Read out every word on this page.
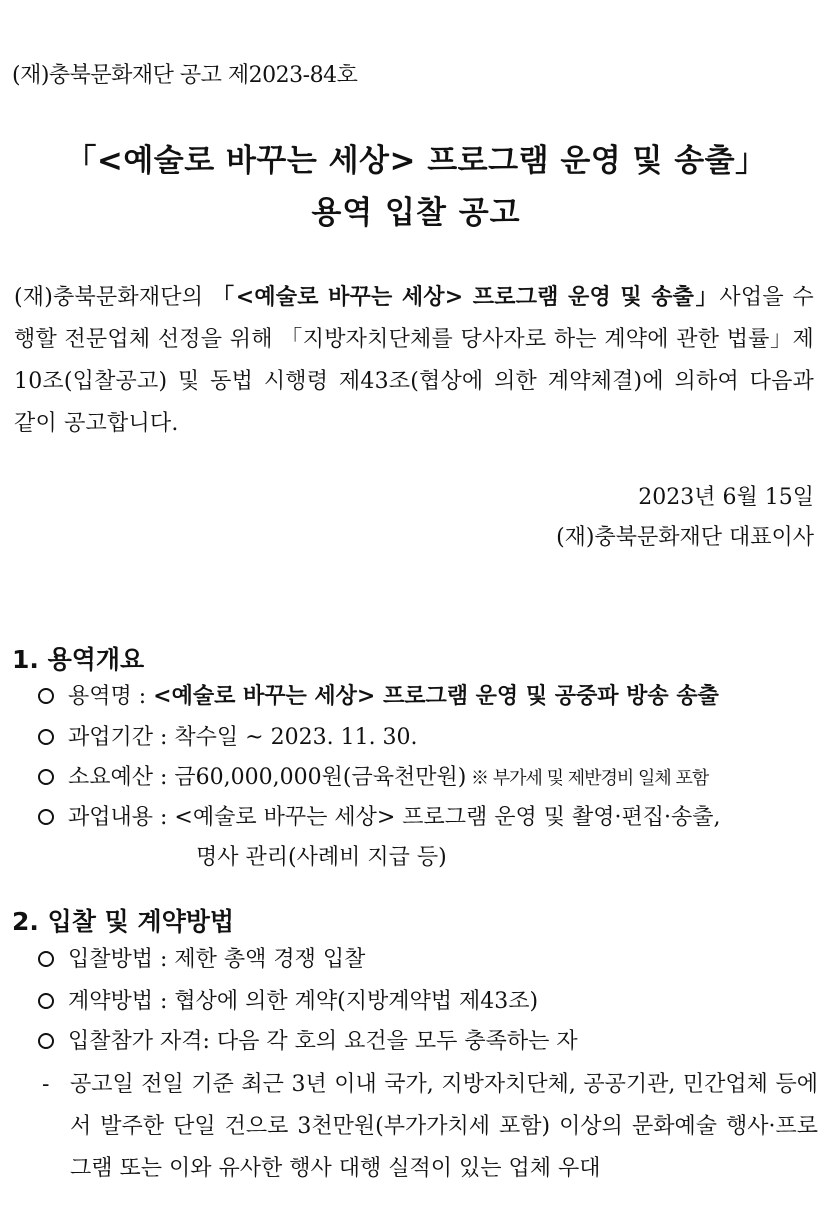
(재)충북문화재단 공고 제2023-84호
「<예술로 바꾸는 세상> 프로그램 운영 및 송출」
용역 입찰 공고
(재)충북문화재단의 「<예술로 바꾸는 세상> 프로그램 운영 및 송출」사업을 수행할 전문업체 선정을 위해 「지방자치단체를 당사자로 하는 계약에 관한 법률」제10조(입찰공고) 및 동법 시행령 제43조(협상에 의한 계약체결)에 의하여 다음과 같이 공고합니다.
2023년 6월 15일
(재)충북문화재단 대표이사
1. 용역개요
용역명 : <예술로 바꾸는 세상> 프로그램 운영 및 공중파 방송 송출
과업기간 : 착수일 ~ 2023. 11. 30.
소요예산 : 금60,000,000원(금육천만원) ※ 부가세 및 제반경비 일체 포함
과업내용 : <예술로 바꾸는 세상> 프로그램 운영 및 촬영·편집·송출,
명사 관리(사례비 지급 등)
2. 입찰 및 계약방법
입찰방법 : 제한 총액 경쟁 입찰
계약방법 : 협상에 의한 계약(지방계약법 제43조)
입찰참가 자격: 다음 각 호의 요건을 모두 충족하는 자
- 공고일 전일 기준 최근 3년 이내 국가, 지방자치단체, 공공기관, 민간업체 등에서 발주한 단일 건으로 3천만원(부가가치세 포함) 이상의 문화예술 행사·프로그램 또는 이와 유사한 행사 대행 실적이 있는 업체 우대
